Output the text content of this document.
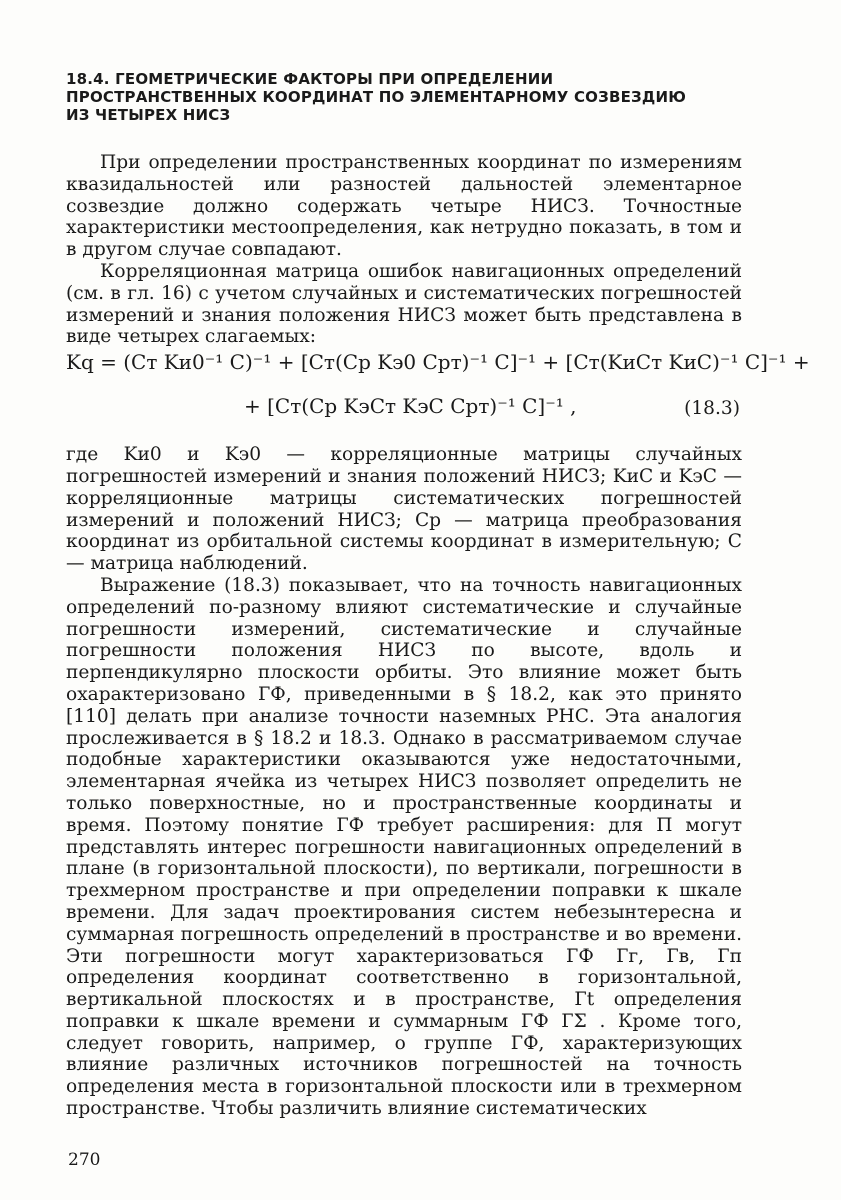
18.4. ГЕОМЕТРИЧЕСКИЕ ФАКТОРЫ ПРИ ОПРЕДЕЛЕНИИ
ПРОСТРАНСТВЕННЫХ КООРДИНАТ ПО ЭЛЕМЕНТАРНОМУ СОЗВЕЗДИЮ
ИЗ ЧЕТЫРЕХ НИСЗ

При определении пространственных координат по измерениям квазидальностей или разностей дальностей элементарное созвездие должно содержать четыре НИСЗ. Точностные характеристики местоопределения, как нетрудно показать, в том и в другом случае совпадают.

Корреляционная матрица ошибок навигационных определений (см. в гл. 16) с учетом случайных и систематических погрешностей измерений и знания положения НИСЗ может быть представлена в виде четырех слагаемых:

Kq = (Cт Kи0⁻¹ C)⁻¹ + [Cт(Cр Kэ0 Cрт)⁻¹ C]⁻¹ + [Cт(KиСт KиС)⁻¹ C]⁻¹ +
+ [Cт(Cр KэСт KэС Cрт)⁻¹ C]⁻¹ ,	(18.3)

где Kи0 и Kэ0 — корреляционные матрицы случайных погрешностей измерений и знания положений НИСЗ; KиС и KэС — корреляционные матрицы систематических погрешностей измерений и положений НИСЗ; Cр — матрица преобразования координат из орбитальной системы координат в измерительную; C — матрица наблюдений.

Выражение (18.3) показывает, что на точность навигационных определений по-разному влияют систематические и случайные погрешности измерений, систематические и случайные погрешности положения НИСЗ по высоте, вдоль и перпендикулярно плоскости орбиты. Это влияние может быть охарактеризовано ГФ, приведенными в § 18.2, как это принято [110] делать при анализе точности наземных РНС. Эта аналогия прослеживается в § 18.2 и 18.3. Однако в рассматриваемом случае подобные характеристики оказываются уже недостаточными, элементарная ячейка из четырех НИСЗ позволяет определить не только поверхностные, но и пространственные координаты и время. Поэтому понятие ГФ требует расширения: для П могут представлять интерес погрешности навигационных определений в плане (в горизонтальной плоскости), по вертикали, погрешности в трехмерном пространстве и при определении поправки к шкале времени. Для задач проектирования систем небезынтересна и суммарная погрешность определений в пространстве и во времени. Эти погрешности могут характеризоваться ГФ Гг, Гв, Гп определения координат соответственно в горизонтальной, вертикальной плоскостях и в пространстве, Гt определения поправки к шкале времени и суммарным ГФ ГΣ . Кроме того, следует говорить, например, о группе ГФ, характеризующих влияние различных источников погрешностей на точность определения места в горизонтальной плоскости или в трехмерном пространстве. Чтобы различить влияние систематических

270
